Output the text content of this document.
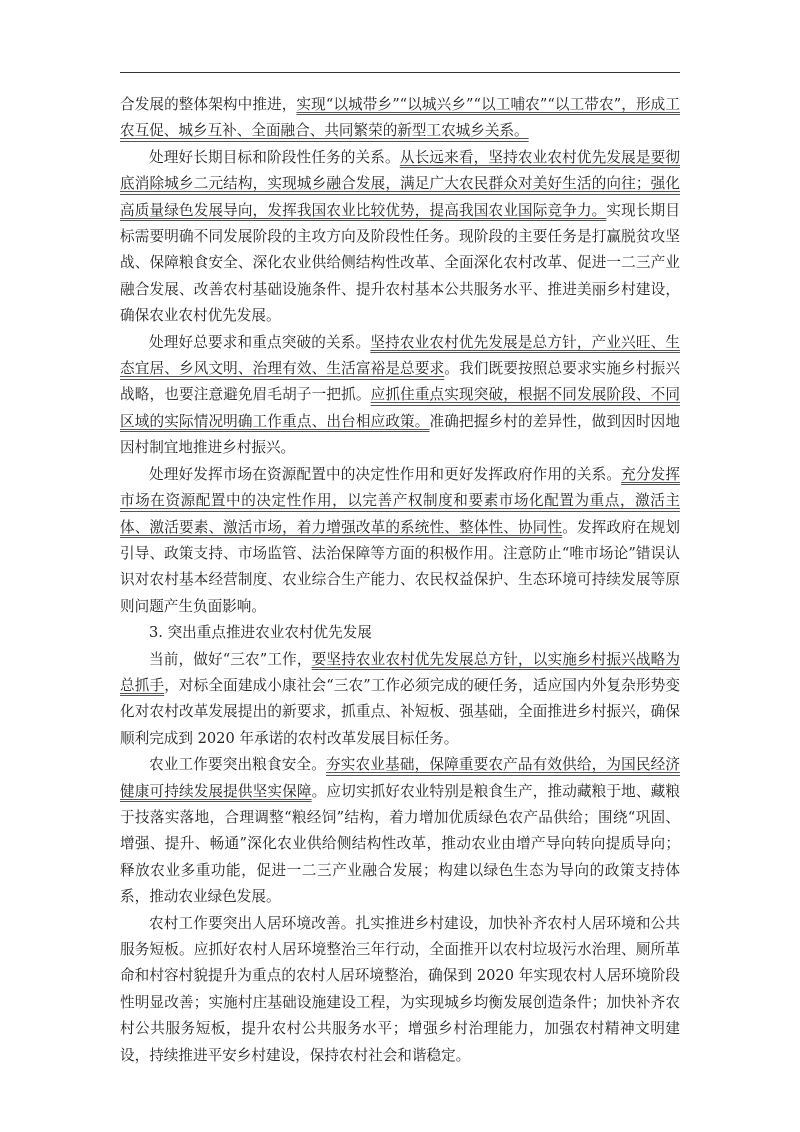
合发展的整体架构中推进，实现“以城带乡”“以城兴乡”“以工哺农”“以工带农”，形成工农互促、城乡互补、全面融合、共同繁荣的新型工农城乡关系。

处理好长期目标和阶段性任务的关系。从长远来看，坚持农业农村优先发展是要彻底消除城乡二元结构，实现城乡融合发展，满足广大农民群众对美好生活的向往；强化高质量绿色发展导向，发挥我国农业比较优势，提高我国农业国际竞争力。实现长期目标需要明确不同发展阶段的主攻方向及阶段性任务。现阶段的主要任务是打赢脱贫攻坚战、保障粮食安全、深化农业供给侧结构性改革、全面深化农村改革、促进一二三产业融合发展、改善农村基础设施条件、提升农村基本公共服务水平、推进美丽乡村建设，确保农业农村优先发展。

处理好总要求和重点突破的关系。坚持农业农村优先发展是总方针，产业兴旺、生态宜居、乡风文明、治理有效、生活富裕是总要求。我们既要按照总要求实施乡村振兴战略，也要注意避免眉毛胡子一把抓。应抓住重点实现突破，根据不同发展阶段、不同区域的实际情况明确工作重点、出台相应政策。准确把握乡村的差异性，做到因时因地因村制宜地推进乡村振兴。

处理好发挥市场在资源配置中的决定性作用和更好发挥政府作用的关系。充分发挥市场在资源配置中的决定性作用，以完善产权制度和要素市场化配置为重点，激活主体、激活要素、激活市场，着力增强改革的系统性、整体性、协同性。发挥政府在规划引导、政策支持、市场监管、法治保障等方面的积极作用。注意防止“唯市场论”错误认识对农村基本经营制度、农业综合生产能力、农民权益保护、生态环境可持续发展等原则问题产生负面影响。

3. 突出重点推进农业农村优先发展

当前，做好“三农”工作，要坚持农业农村优先发展总方针，以实施乡村振兴战略为总抓手，对标全面建成小康社会“三农”工作必须完成的硬任务，适应国内外复杂形势变化对农村改革发展提出的新要求，抓重点、补短板、强基础，全面推进乡村振兴，确保顺利完成到 2020 年承诺的农村改革发展目标任务。

农业工作要突出粮食安全。夯实农业基础，保障重要农产品有效供给，为国民经济健康可持续发展提供坚实保障。应切实抓好农业特别是粮食生产，推动藏粮于地、藏粮于技落实落地，合理调整“粮经饲”结构，着力增加优质绿色农产品供给；围绕“巩固、增强、提升、畅通”深化农业供给侧结构性改革，推动农业由增产导向转向提质导向；释放农业多重功能，促进一二三产业融合发展；构建以绿色生态为导向的政策支持体系，推动农业绿色发展。

农村工作要突出人居环境改善。扎实推进乡村建设，加快补齐农村人居环境和公共服务短板。应抓好农村人居环境整治三年行动，全面推开以农村垃圾污水治理、厕所革命和村容村貌提升为重点的农村人居环境整治，确保到 2020 年实现农村人居环境阶段性明显改善；实施村庄基础设施建设工程，为实现城乡均衡发展创造条件；加快补齐农村公共服务短板，提升农村公共服务水平；增强乡村治理能力，加强农村精神文明建设，持续推进平安乡村建设，保持农村社会和谐稳定。
